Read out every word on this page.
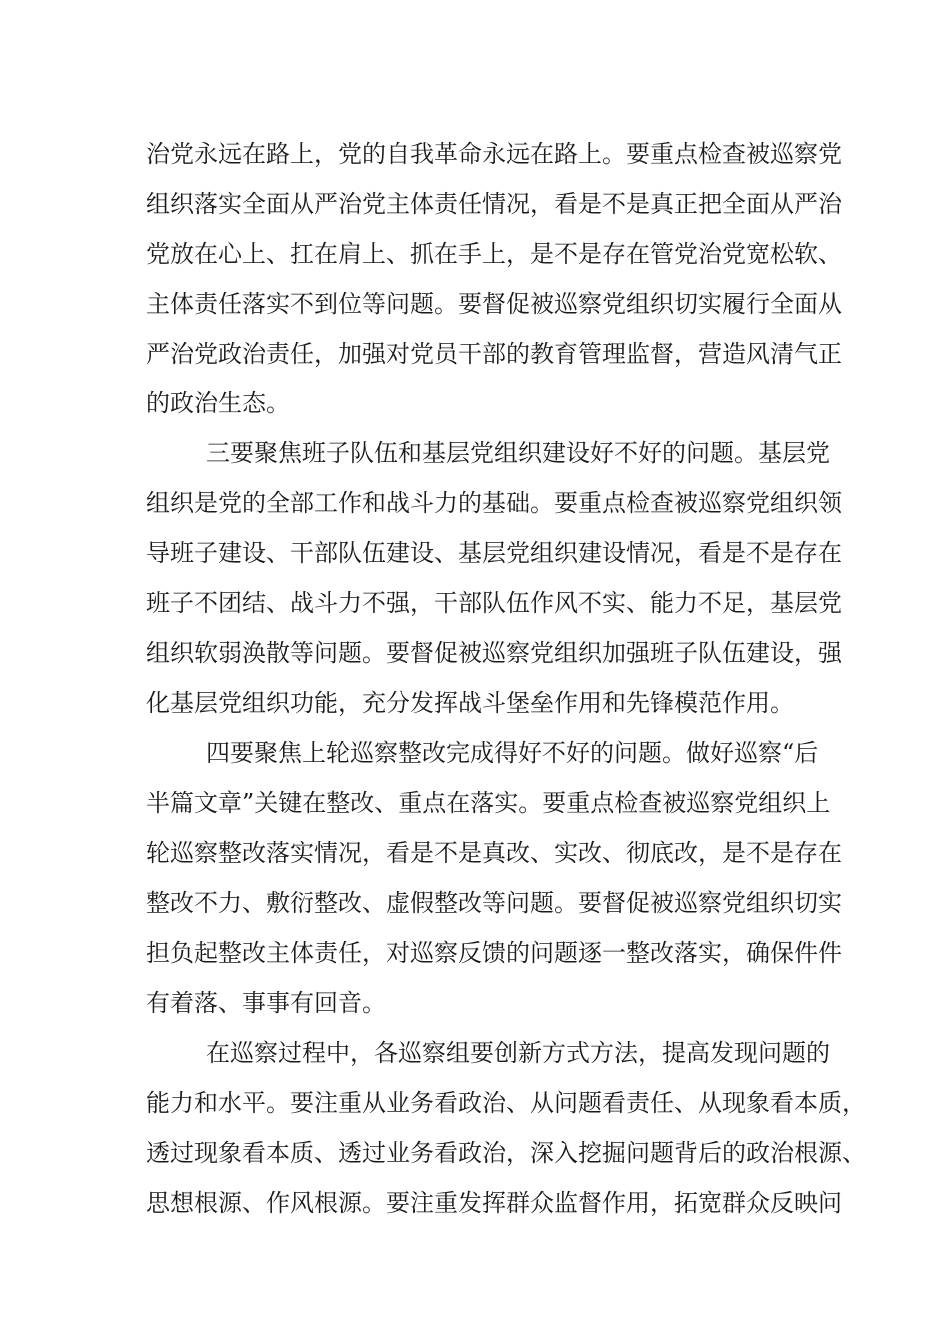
治党永远在路上，党的自我革命永远在路上。要重点检查被巡察党
组织落实全面从严治党主体责任情况，看是不是真正把全面从严治
党放在心上、扛在肩上、抓在手上，是不是存在管党治党宽松软、
主体责任落实不到位等问题。要督促被巡察党组织切实履行全面从
严治党政治责任，加强对党员干部的教育管理监督，营造风清气正
的政治生态。
三要聚焦班子队伍和基层党组织建设好不好的问题。基层党
组织是党的全部工作和战斗力的基础。要重点检查被巡察党组织领
导班子建设、干部队伍建设、基层党组织建设情况，看是不是存在
班子不团结、战斗力不强，干部队伍作风不实、能力不足，基层党
组织软弱涣散等问题。要督促被巡察党组织加强班子队伍建设，强
化基层党组织功能，充分发挥战斗堡垒作用和先锋模范作用。
四要聚焦上轮巡察整改完成得好不好的问题。做好巡察“后
半篇文章”关键在整改、重点在落实。要重点检查被巡察党组织上
轮巡察整改落实情况，看是不是真改、实改、彻底改，是不是存在
整改不力、敷衍整改、虚假整改等问题。要督促被巡察党组织切实
担负起整改主体责任，对巡察反馈的问题逐一整改落实，确保件件
有着落、事事有回音。
在巡察过程中，各巡察组要创新方式方法，提高发现问题的
能力和水平。要注重从业务看政治、从问题看责任、从现象看本质，
透过现象看本质、透过业务看政治，深入挖掘问题背后的政治根源、
思想根源、作风根源。要注重发挥群众监督作用，拓宽群众反映问
